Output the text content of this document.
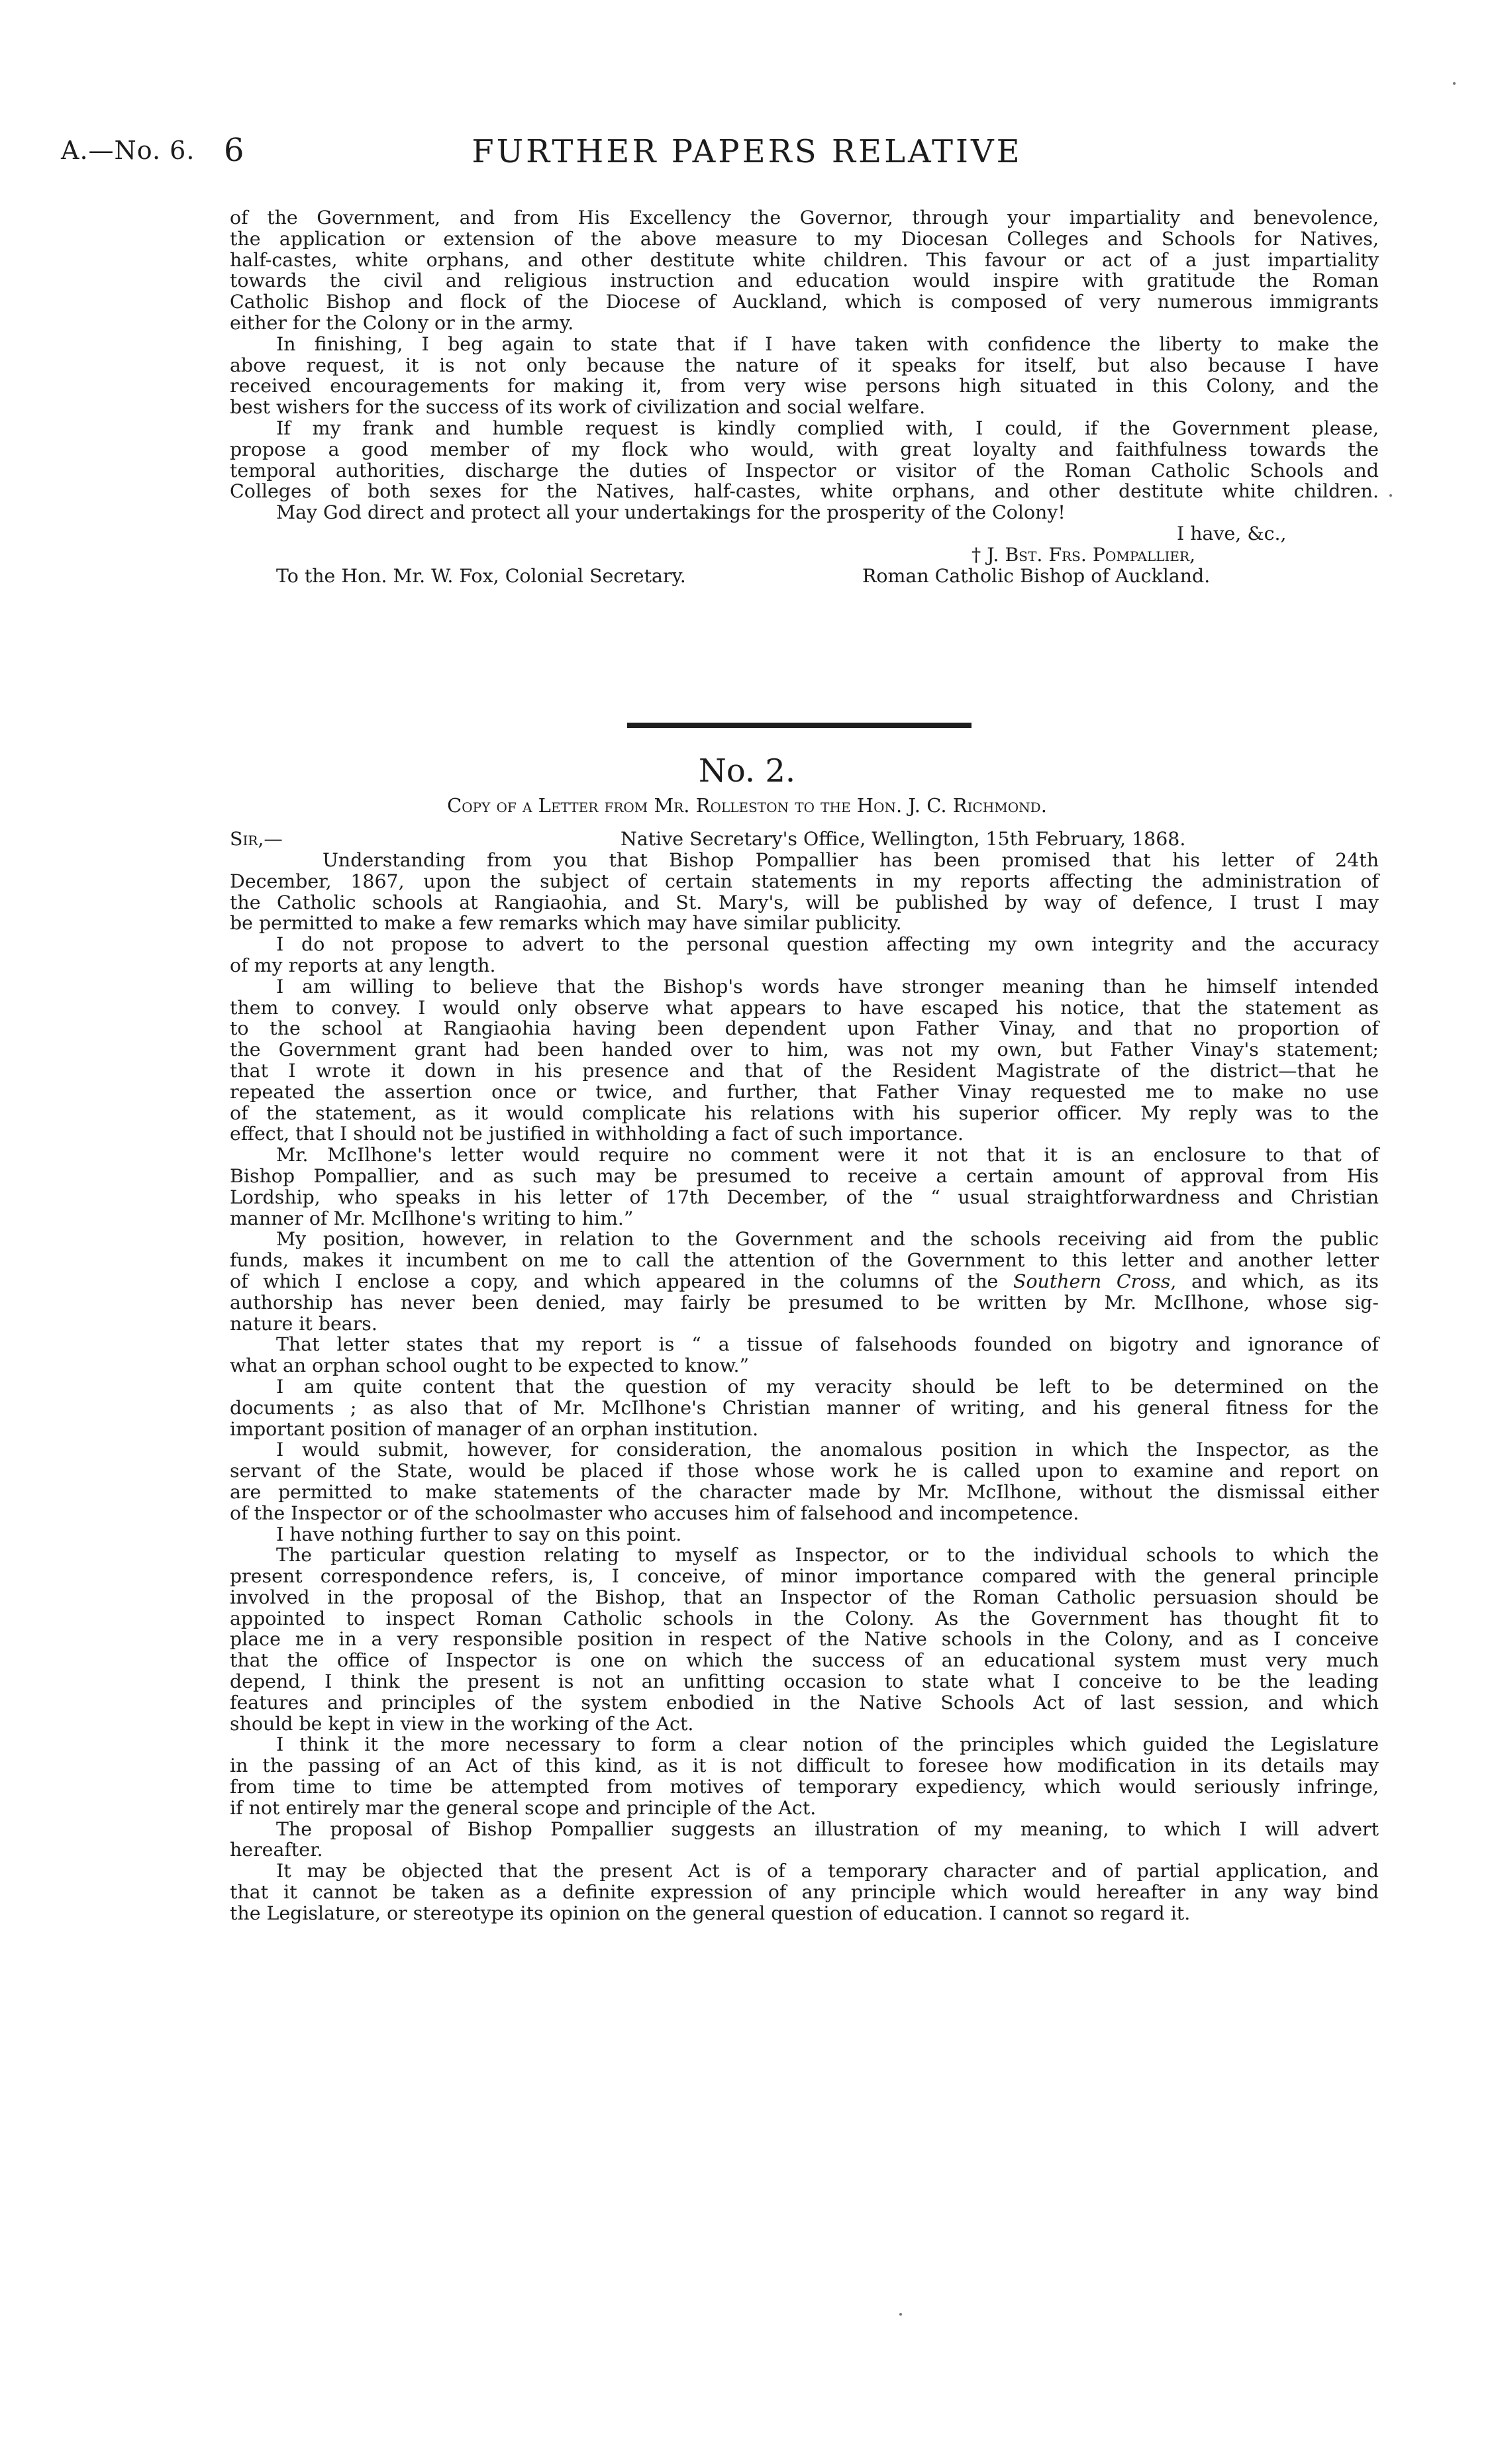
A.—No. 6. 6	FURTHER PAPERS RELATIVE

of the Government, and from His Excellency the Governor, through your impartiality and benevolence,

the application or extension of the above measure to my Diocesan Colleges and Schools for Natives,

half-castes, white orphans, and other destitute white children. This favour or act of a just impartiality

towards the civil and religious instruction and education would inspire with gratitude the Roman

Catholic Bishop and flock of the Diocese of Auckland, which is composed of very numerous immigrants

either for the Colony or in the army.

In finishing, I beg again to state that if I have taken with confidence the liberty to make the

above request, it is not only because the nature of it speaks for itself, but also because I have

received encouragements for making it, from very wise persons high situated in this Colony, and the

best wishers for the success of its work of civilization and social welfare.

If my frank and humble request is kindly complied with, I could, if the Government please,

propose a good member of my flock who would, with great loyalty and faithfulness towards the

temporal authorities, discharge the duties of Inspector or visitor of the Roman Catholic Schools and

Colleges of both sexes for the Natives, half-castes, white orphans, and other destitute white children.

May God direct and protect all your undertakings for the prosperity of the Colony!

I have, &c.,
† J. Bst. Frs. Pompallier,
To the Hon. Mr. W. Fox, Colonial Secretary.	Roman Catholic Bishop of Auckland.
No. 2.
Copy of a Letter from Mr. Rolleston to the Hon. J. C. Richmond.
Sir,—	Native Secretary's Office, Wellington, 15th February, 1868.

Understanding from you that Bishop Pompallier has been promised that his letter of 24th

December, 1867, upon the subject of certain statements in my reports affecting the administration of

the Catholic schools at Rangiaohia, and St. Mary's, will be published by way of defence, I trust I may

be permitted to make a few remarks which may have similar publicity.

I do not propose to advert to the personal question affecting my own integrity and the accuracy

of my reports at any length.

I am willing to believe that the Bishop's words have stronger meaning than he himself intended

them to convey. I would only observe what appears to have escaped his notice, that the statement as

to the school at Rangiaohia having been dependent upon Father Vinay, and that no proportion of

the Government grant had been handed over to him, was not my own, but Father Vinay's statement;

that I wrote it down in his presence and that of the Resident Magistrate of the district—that he

repeated the assertion once or twice, and further, that Father Vinay requested me to make no use

of the statement, as it would complicate his relations with his superior officer. My reply was to the

effect, that I should not be justified in withholding a fact of such importance.

Mr. McIlhone's letter would require no comment were it not that it is an enclosure to that of

Bishop Pompallier, and as such may be presumed to receive a certain amount of approval from His

Lordship, who speaks in his letter of 17th December, of the “ usual straightforwardness and Christian

manner of Mr. McIlhone's writing to him.”

My position, however, in relation to the Government and the schools receiving aid from the public

funds, makes it incumbent on me to call the attention of the Government to this letter and another letter

of which I enclose a copy, and which appeared in the columns of the Southern Cross, and which, as its

authorship has never been denied, may fairly be presumed to be written by Mr. McIlhone, whose sig-

nature it bears.

That letter states that my report is “ a tissue of falsehoods founded on bigotry and ignorance of

what an orphan school ought to be expected to know.”

I am quite content that the question of my veracity should be left to be determined on the

documents ; as also that of Mr. McIlhone's Christian manner of writing, and his general fitness for the

important position of manager of an orphan institution.

I would submit, however, for consideration, the anomalous position in which the Inspector, as the

servant of the State, would be placed if those whose work he is called upon to examine and report on

are permitted to make statements of the character made by Mr. McIlhone, without the dismissal either

of the Inspector or of the schoolmaster who accuses him of falsehood and incompetence.

I have nothing further to say on this point.

The particular question relating to myself as Inspector, or to the individual schools to which the

present correspondence refers, is, I conceive, of minor importance compared with the general principle

involved in the proposal of the Bishop, that an Inspector of the Roman Catholic persuasion should be

appointed to inspect Roman Catholic schools in the Colony. As the Government has thought fit to

place me in a very responsible position in respect of the Native schools in the Colony, and as I conceive

that the office of Inspector is one on which the success of an educational system must very much

depend, I think the present is not an unfitting occasion to state what I conceive to be the leading

features and principles of the system enbodied in the Native Schools Act of last session, and which

should be kept in view in the working of the Act.

I think it the more necessary to form a clear notion of the principles which guided the Legislature

in the passing of an Act of this kind, as it is not difficult to foresee how modification in its details may

from time to time be attempted from motives of temporary expediency, which would seriously infringe,

if not entirely mar the general scope and principle of the Act.

The proposal of Bishop Pompallier suggests an illustration of my meaning, to which I will advert

hereafter.

It may be objected that the present Act is of a temporary character and of partial application, and

that it cannot be taken as a definite expression of any principle which would hereafter in any way bind

the Legislature, or stereotype its opinion on the general question of education. I cannot so regard it.
